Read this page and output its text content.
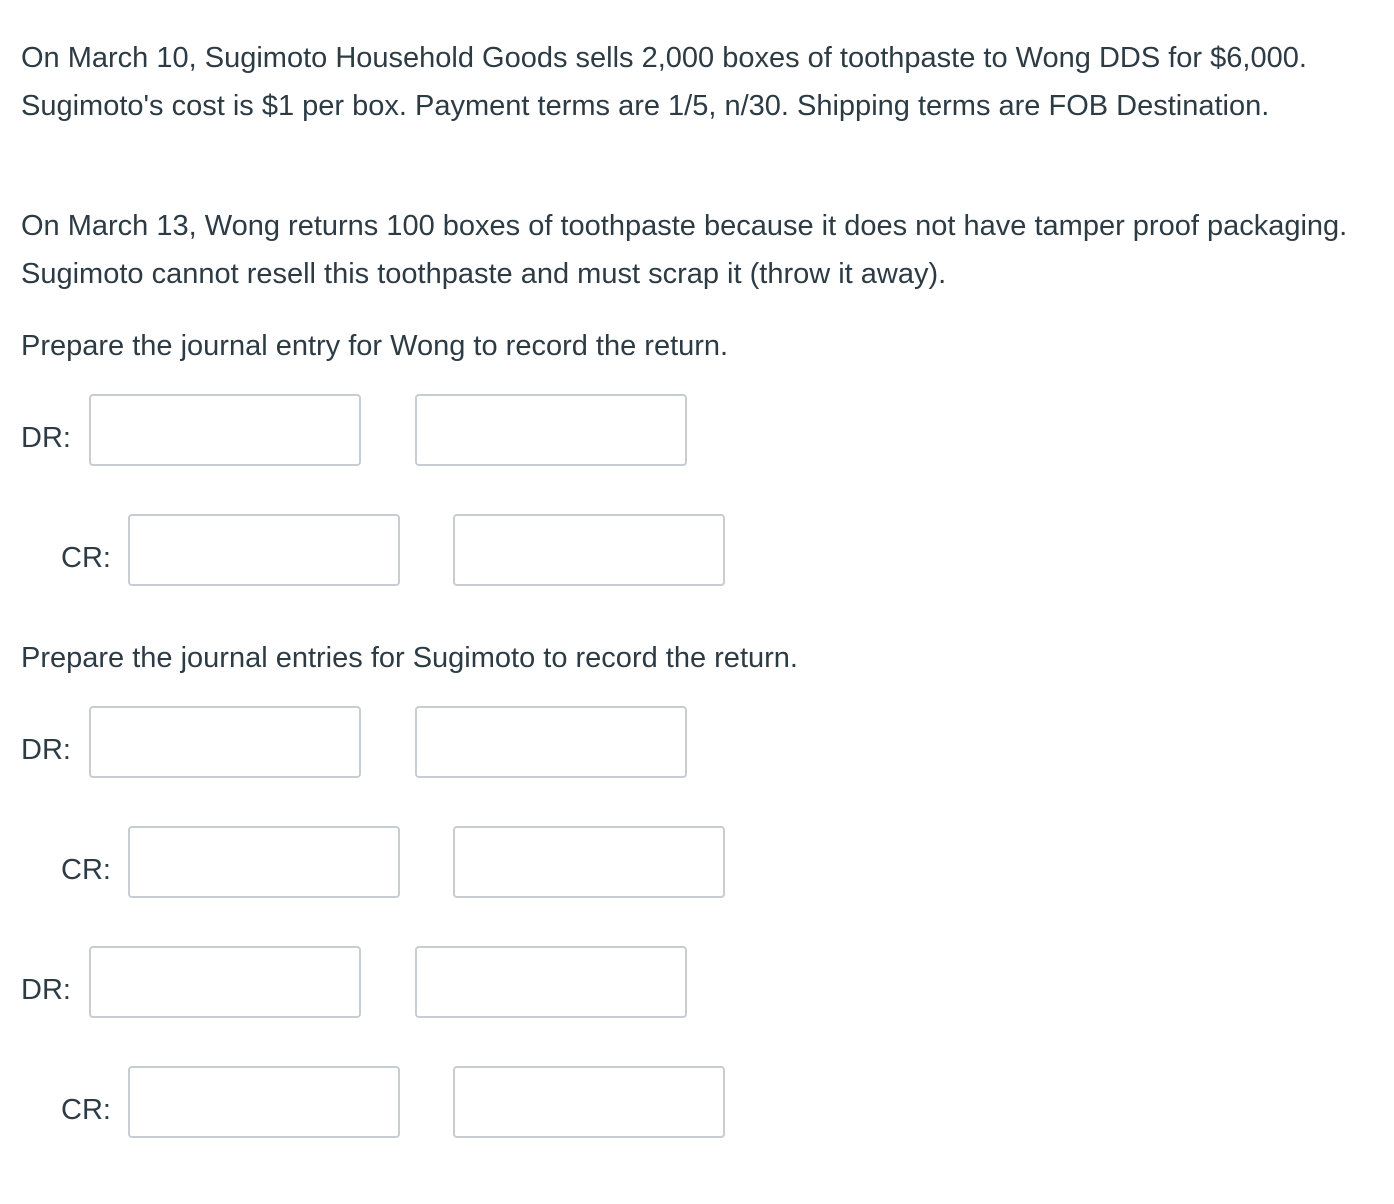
On March 10, Sugimoto Household Goods sells 2,000 boxes of toothpaste to Wong DDS for $6,000. Sugimoto's cost is $1 per box. Payment terms are 1/5, n/30. Shipping terms are FOB Destination.

On March 13, Wong returns 100 boxes of toothpaste because it does not have tamper proof packaging. Sugimoto cannot resell this toothpaste and must scrap it (throw it away).

Prepare the journal entry for Wong to record the return.

DR:
CR:

Prepare the journal entries for Sugimoto to record the return.

DR:
CR:
DR:
CR:
